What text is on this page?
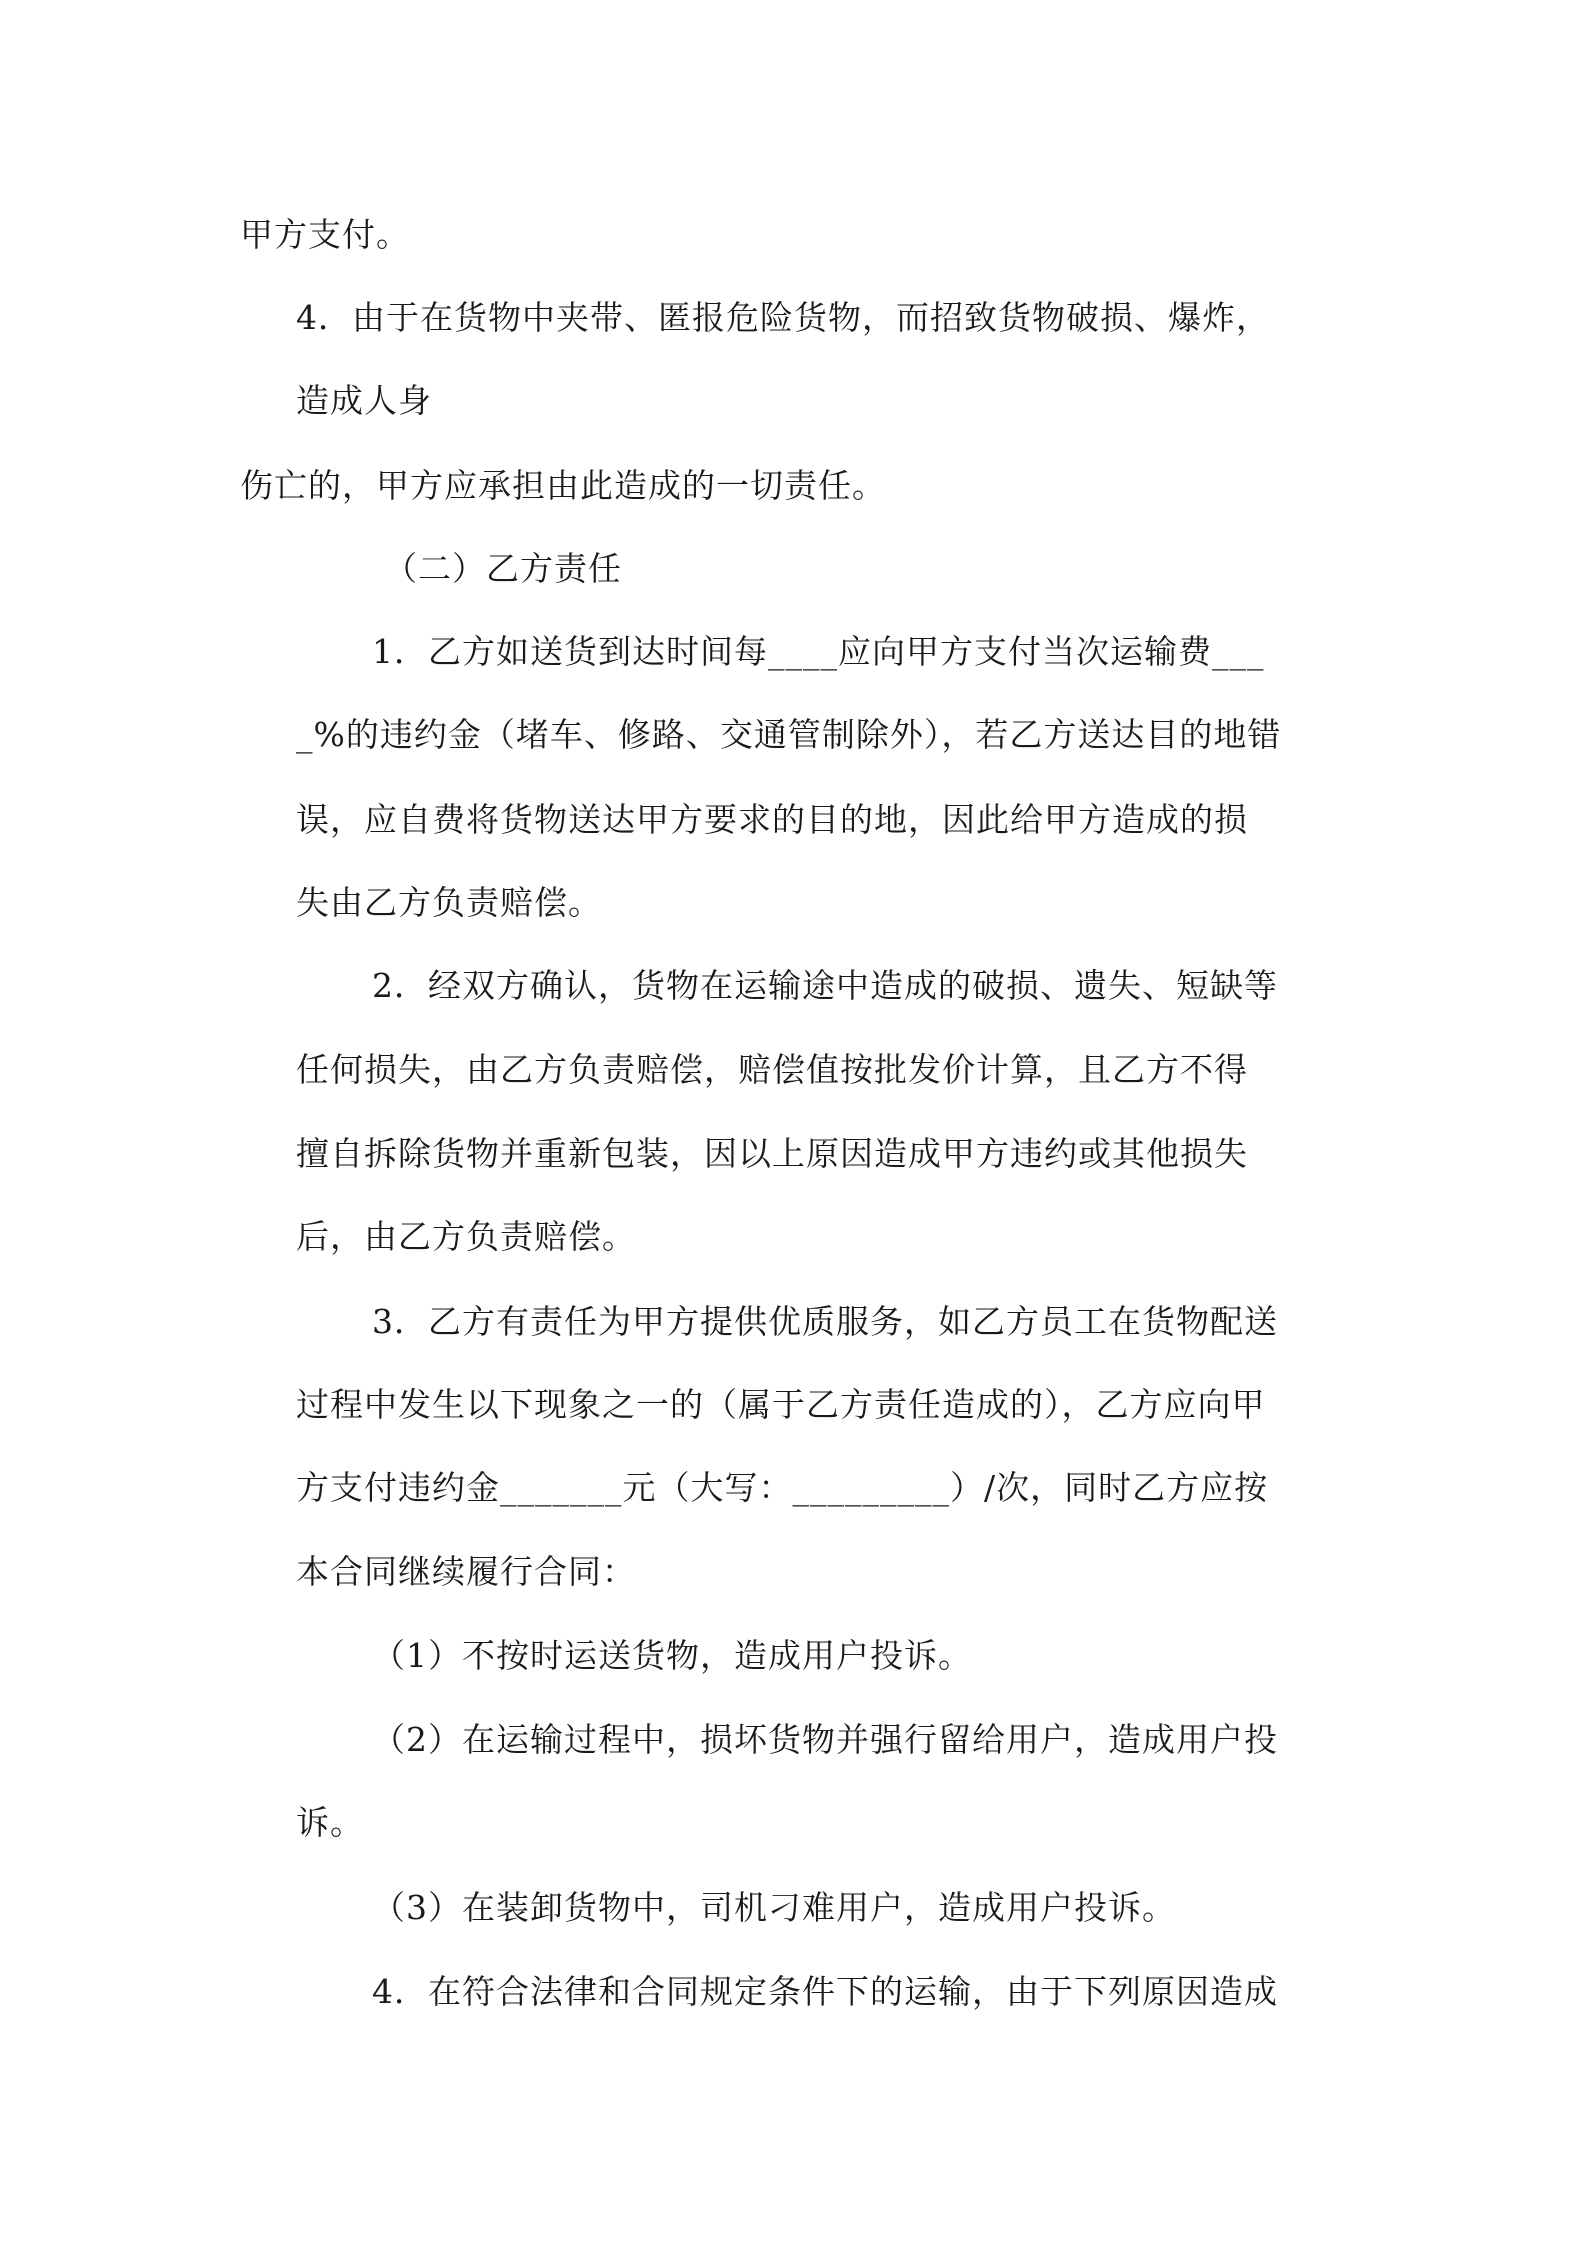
甲方支付。
4．由于在货物中夹带、匿报危险货物，而招致货物破损、爆炸，
造成人身
伤亡的，甲方应承担由此造成的一切责任。
（二）乙方责任
1．乙方如送货到达时间每____应向甲方支付当次运输费___
_%的违约金（堵车、修路、交通管制除外），若乙方送达目的地错
误，应自费将货物送达甲方要求的目的地，因此给甲方造成的损
失由乙方负责赔偿。
2．经双方确认，货物在运输途中造成的破损、遗失、短缺等
任何损失，由乙方负责赔偿，赔偿值按批发价计算，且乙方不得
擅自拆除货物并重新包装，因以上原因造成甲方违约或其他损失
后，由乙方负责赔偿。
3．乙方有责任为甲方提供优质服务，如乙方员工在货物配送
过程中发生以下现象之一的（属于乙方责任造成的），乙方应向甲
方支付违约金_______元（大写：_________）/次，同时乙方应按
本合同继续履行合同：
（1）不按时运送货物，造成用户投诉。
（2）在运输过程中，损坏货物并强行留给用户，造成用户投
诉。
（3）在装卸货物中，司机刁难用户，造成用户投诉。
4．在符合法律和合同规定条件下的运输，由于下列原因造成
